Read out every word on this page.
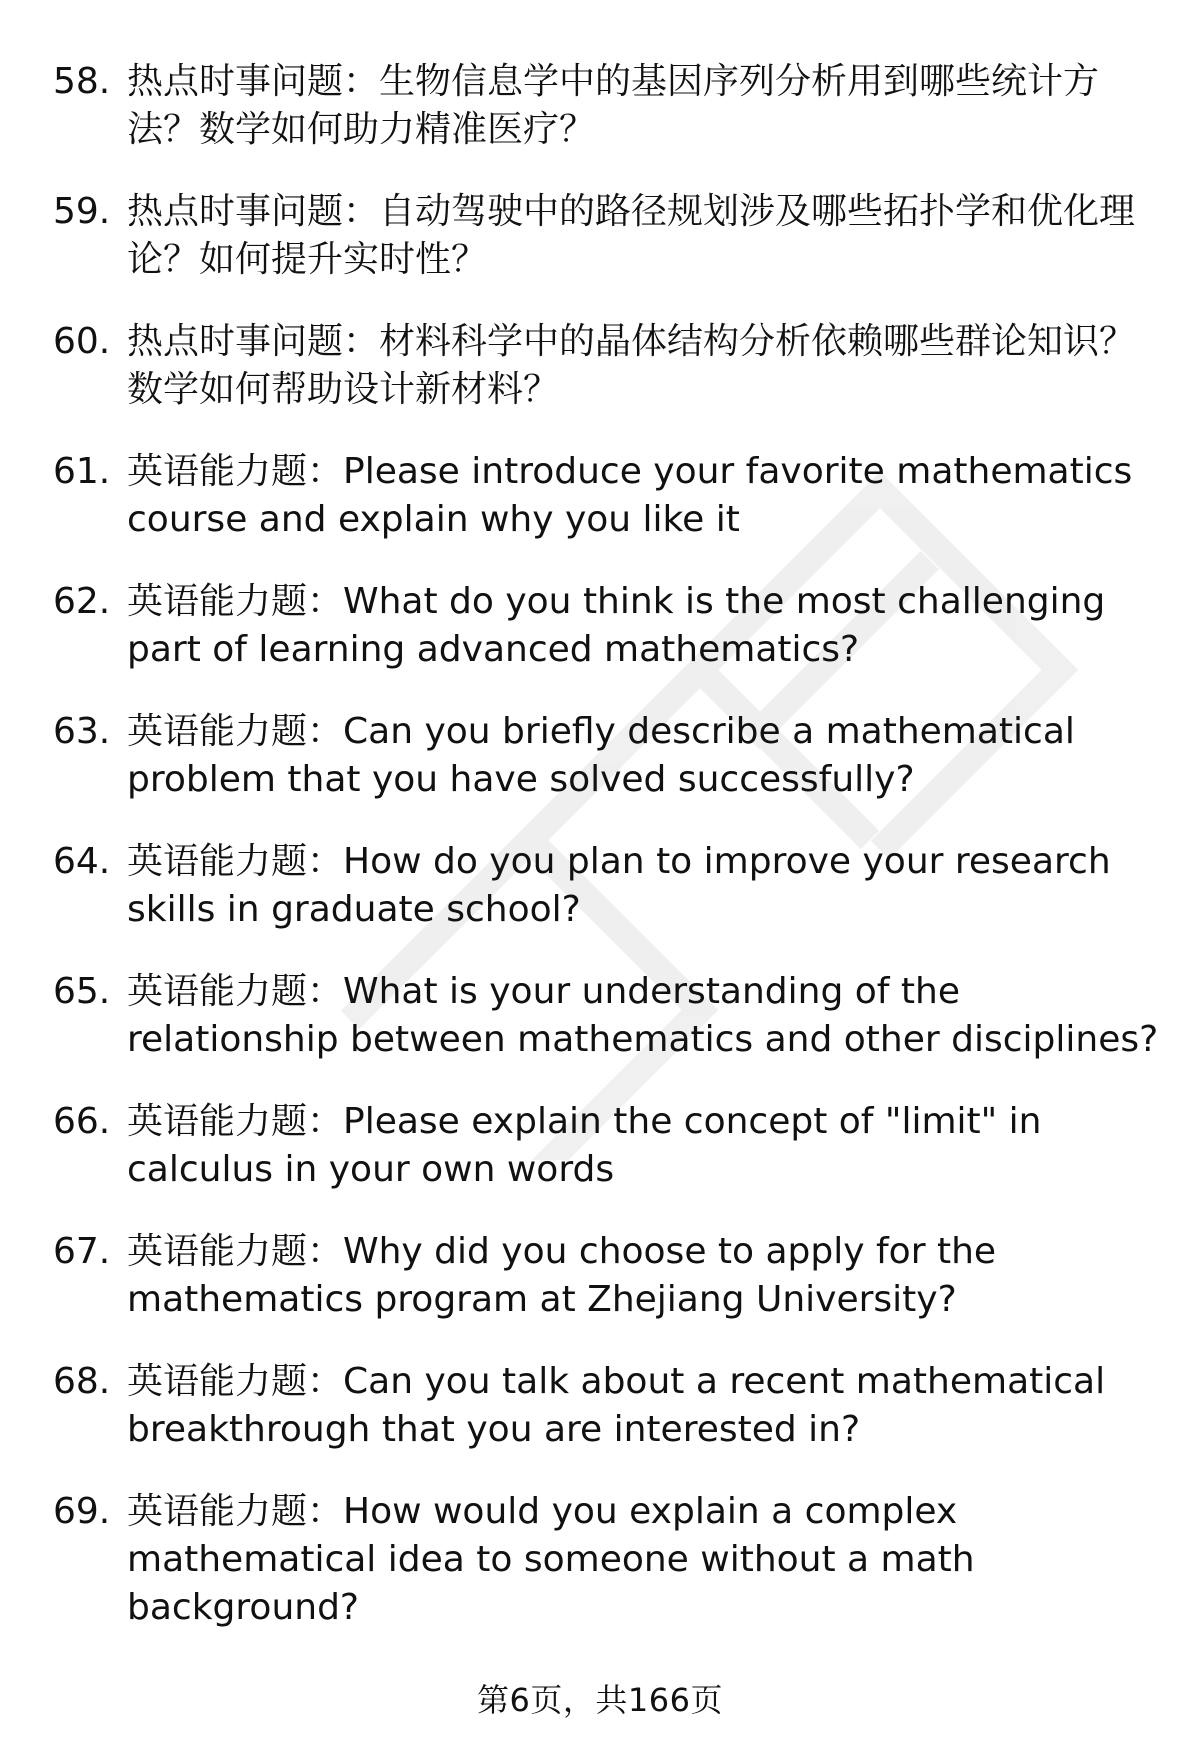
58. 热点时事问题：生物信息学中的基因序列分析用到哪些统计方法？数学如何助力精准医疗？
59. 热点时事问题：自动驾驶中的路径规划涉及哪些拓扑学和优化理论？如何提升实时性？
60. 热点时事问题：材料科学中的晶体结构分析依赖哪些群论知识？数学如何帮助设计新材料？
61. 英语能力题：Please introduce your favorite mathematics course and explain why you like it
62. 英语能力题：What do you think is the most challenging part of learning advanced mathematics?
63. 英语能力题：Can you briefly describe a mathematical problem that you have solved successfully?
64. 英语能力题：How do you plan to improve your research skills in graduate school?
65. 英语能力题：What is your understanding of the relationship between mathematics and other disciplines?
66. 英语能力题：Please explain the concept of "limit" in calculus in your own words
67. 英语能力题：Why did you choose to apply for the mathematics program at Zhejiang University?
68. 英语能力题：Can you talk about a recent mathematical breakthrough that you are interested in?
69. 英语能力题：How would you explain a complex mathematical idea to someone without a math background?
第6页，共166页
